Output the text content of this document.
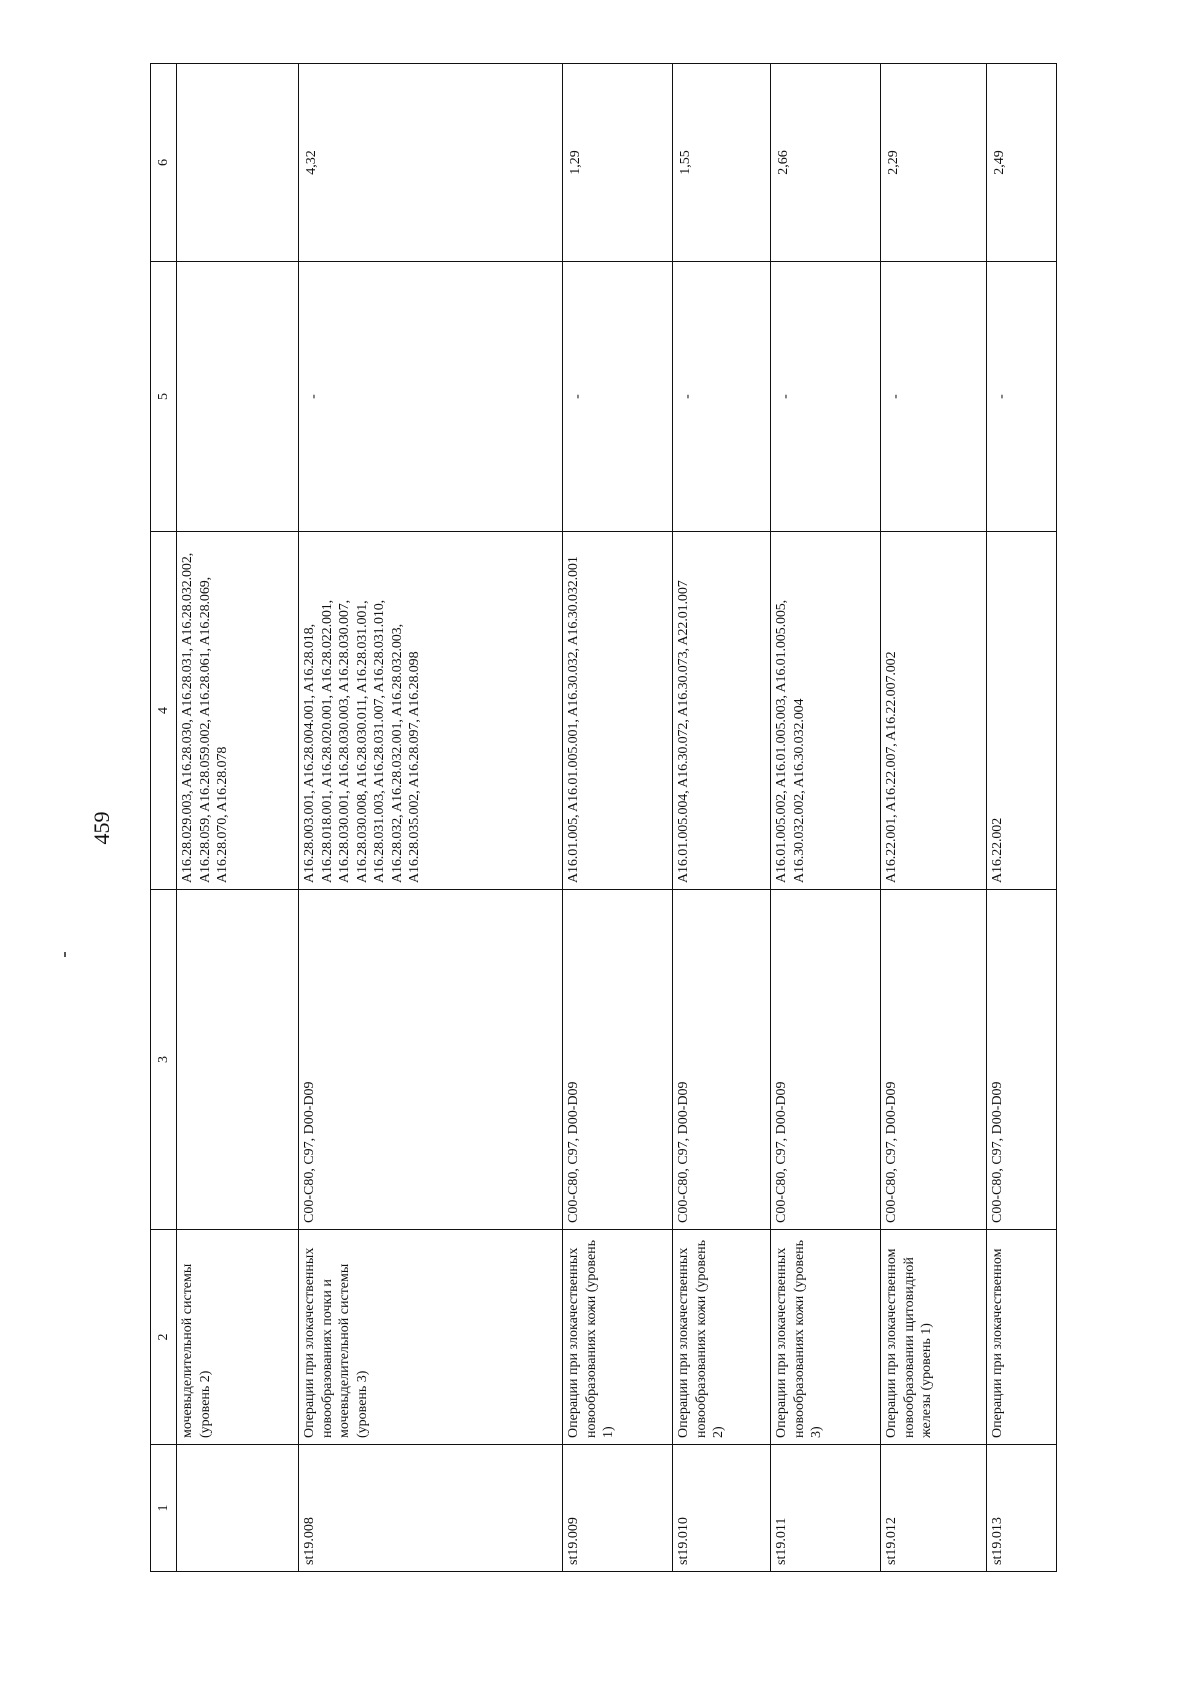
459
1	2	3	4	5	6
	мочевыделительной системы (уровень 2)		A16.28.029.003, A16.28.030, A16.28.031, A16.28.032.002, A16.28.059, A16.28.059.002, A16.28.061, A16.28.069, A16.28.070, A16.28.078		
st19.008	Операции при злокачественных новообразованиях почки и мочевыделительной системы (уровень 3)	C00-C80, C97, D00-D09	A16.28.003.001, A16.28.004.001, A16.28.018, A16.28.018.001, A16.28.020.001, A16.28.022.001, A16.28.030.001, A16.28.030.003, A16.28.030.007, A16.28.030.008, A16.28.030.011, A16.28.031.001, A16.28.031.003, A16.28.031.007, A16.28.031.010, A16.28.032, A16.28.032.001, A16.28.032.003, A16.28.035.002, A16.28.097, A16.28.098	-	4,32
st19.009	Операции при злокачественных новообразованиях кожи (уровень 1)	C00-C80, C97, D00-D09	A16.01.005, A16.01.005.001, A16.30.032, A16.30.032.001	-	1,29
st19.010	Операции при злокачественных новообразованиях кожи (уровень 2)	C00-C80, C97, D00-D09	A16.01.005.004, A16.30.072, A16.30.073, A22.01.007	-	1,55
st19.011	Операции при злокачественных новообразованиях кожи (уровень 3)	C00-C80, C97, D00-D09	A16.01.005.002, A16.01.005.003, A16.01.005.005, A16.30.032.002, A16.30.032.004	-	2,66
st19.012	Операции при злокачественном новообразовании щитовидной железы (уровень 1)	C00-C80, C97, D00-D09	A16.22.001, A16.22.007, A16.22.007.002	-	2,29
st19.013	Операции при злокачественном	C00-C80, C97, D00-D09	A16.22.002	-	2,49
